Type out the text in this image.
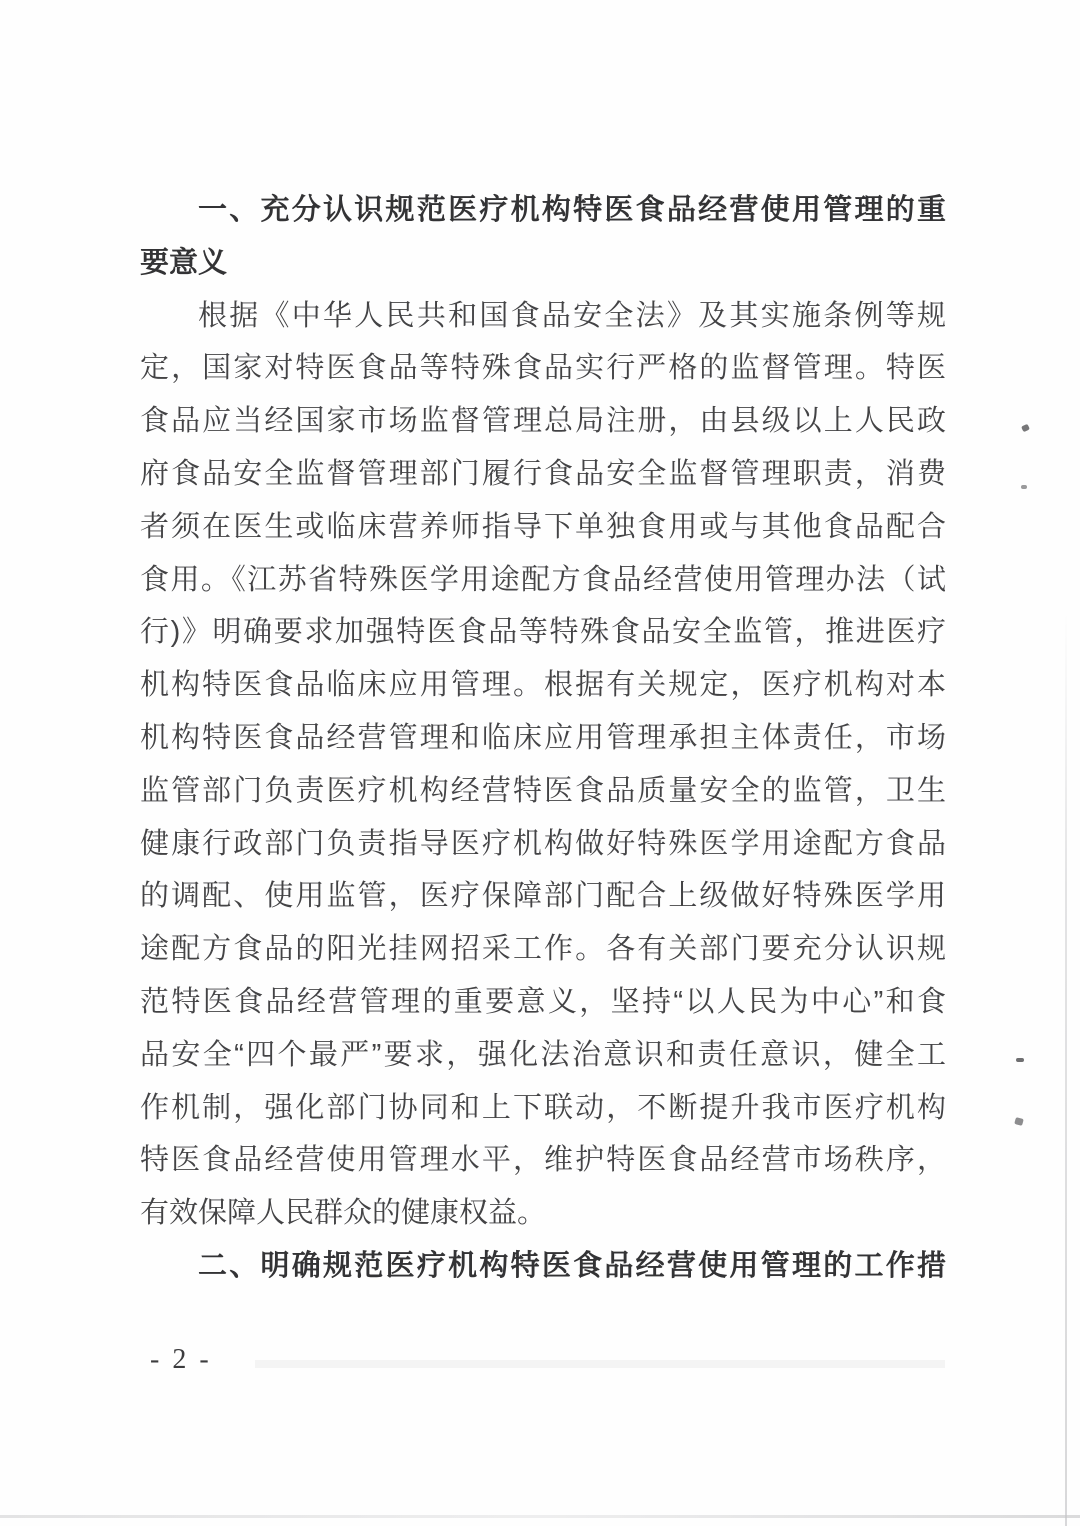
一、充分认识规范医疗机构特医食品经营使用管理的重
要意义
根据《中华人民共和国食品安全法》及其实施条例等规
定，国家对特医食品等特殊食品实行严格的监督管理。特医
食品应当经国家市场监督管理总局注册，由县级以上人民政
府食品安全监督管理部门履行食品安全监督管理职责，消费
者须在医生或临床营养师指导下单独食用或与其他食品配合
食用。《江苏省特殊医学用途配方食品经营使用管理办法（试
行)》明确要求加强特医食品等特殊食品安全监管，推进医疗
机构特医食品临床应用管理。根据有关规定，医疗机构对本
机构特医食品经营管理和临床应用管理承担主体责任，市场
监管部门负责医疗机构经营特医食品质量安全的监管，卫生
健康行政部门负责指导医疗机构做好特殊医学用途配方食品
的调配、使用监管，医疗保障部门配合上级做好特殊医学用
途配方食品的阳光挂网招采工作。各有关部门要充分认识规
范特医食品经营管理的重要意义，坚持“以人民为中心”和食
品安全“四个最严”要求，强化法治意识和责任意识，健全工
作机制，强化部门协同和上下联动，不断提升我市医疗机构
特医食品经营使用管理水平，维护特医食品经营市场秩序，
有效保障人民群众的健康权益。
二、明确规范医疗机构特医食品经营使用管理的工作措
- 2 -
